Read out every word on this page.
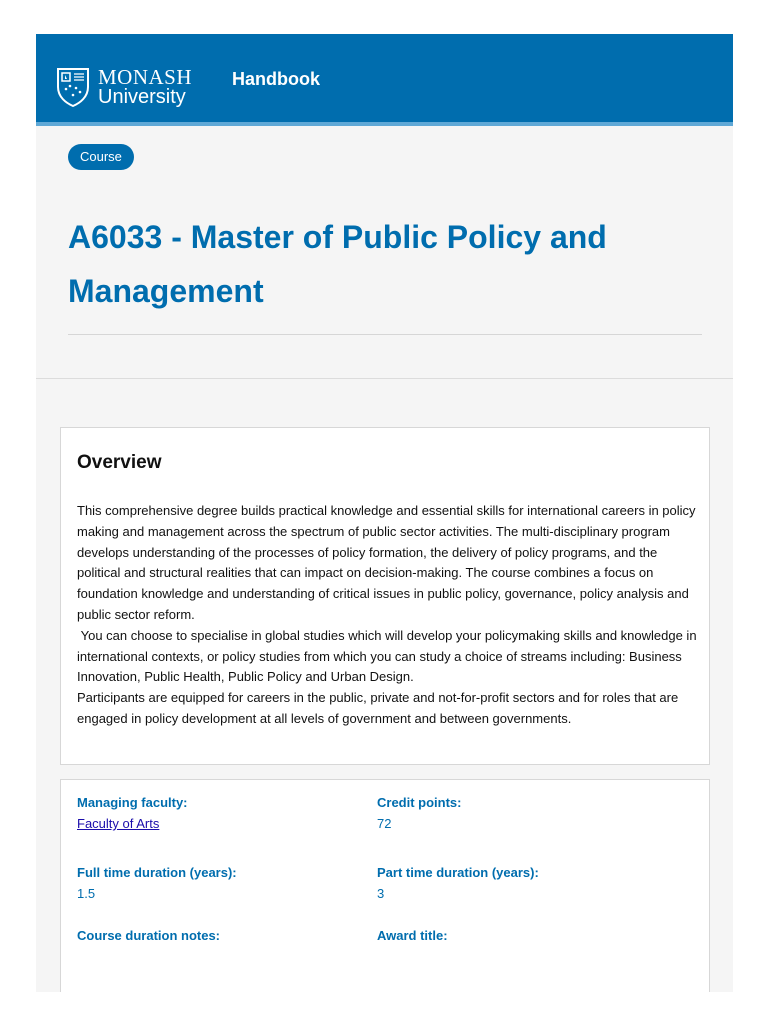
MONASH
University
Handbook
Course
A6033 - Master of Public Policy and Management
Overview

This comprehensive degree builds practical knowledge and essential skills for international careers in policy making and management across the spectrum of public sector activities. The multi-disciplinary program develops understanding of the processes of policy formation, the delivery of policy programs, and the political and structural realities that can impact on decision-making. The course combines a focus on foundation knowledge and understanding of critical issues in public policy, governance, policy analysis and public sector reform.

You can choose to specialise in global studies which will develop your policymaking skills and knowledge in international contexts, or policy studies from which you can study a choice of streams including: Business Innovation, Public Health, Public Policy and Urban Design.

Participants are equipped for careers in the public, private and not-for-profit sectors and for roles that are engaged in policy development at all levels of government and between governments.

Managing faculty:
Faculty of Arts
Credit points:
72
Full time duration (years):
1.5
Part time duration (years):
3
Course duration notes:	Award title:
